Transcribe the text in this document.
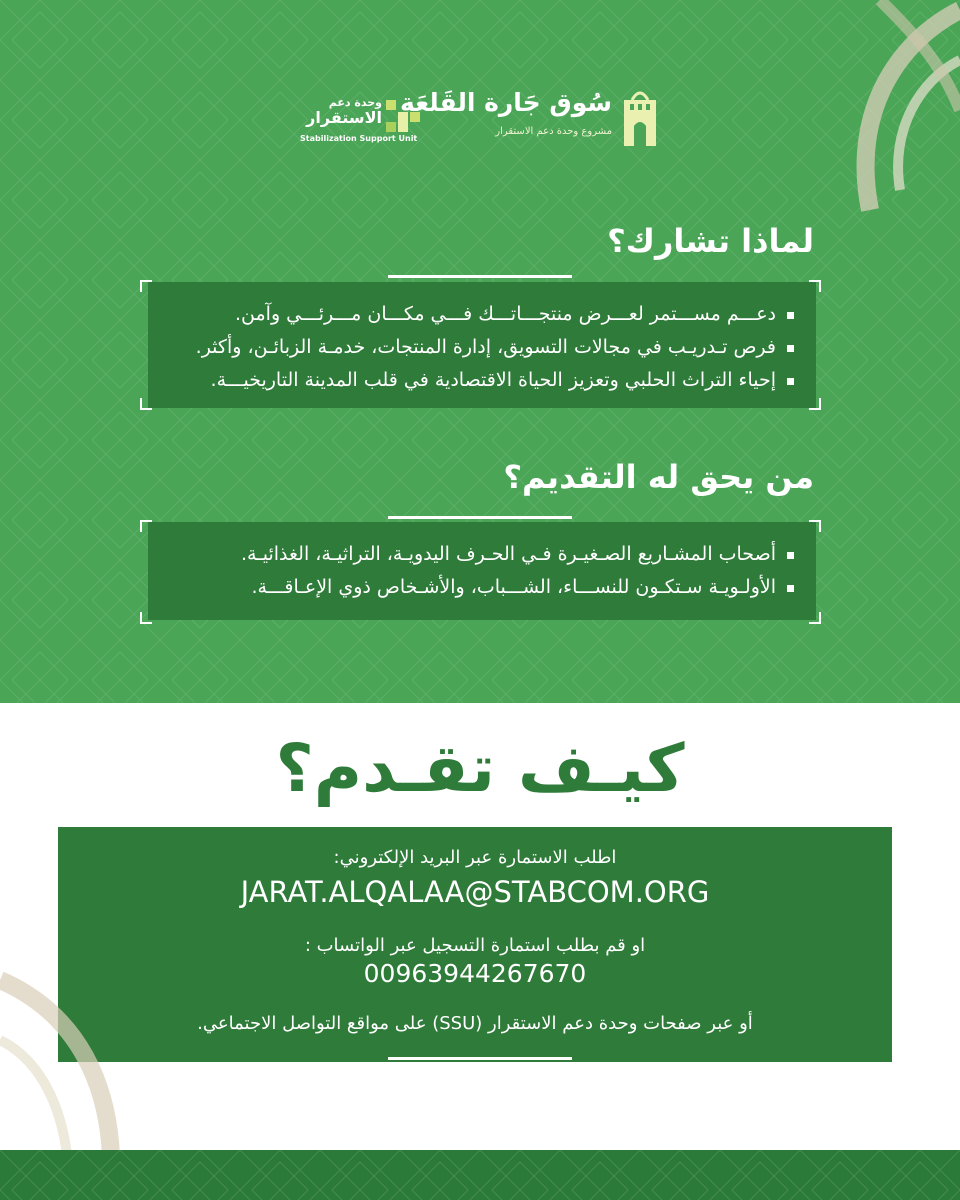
وحدة دعم
الاستقرار
Stabilization Support Unit
سُوق جَارة القَلعَة
مشروع وحدة دعم الاستقرار
لماذا تشارك؟
دعـــم مســـتمر لعـــرض منتجـــاتـــك فـــي مكـــان مـــرئـــي وآمن.
فرص تـدريـب في مجالات التسويق، إدارة المنتجات، خدمـة الزبائـن، وأكثر.
إحياء التراث الحلبي وتعزيز الحياة الاقتصادية في قلب المدينة التاريخيـــة.
من يحق له التقديم؟
أصحاب المشـاريع الصـغيـرة فـي الحـرف اليدويـة، التراثيـة، الغذائيـة.
الأولـويـة سـتكـون للنســـاء، الشـــباب، والأشـخاص ذوي الإعـاقـــة.
كيـف تقـدم؟
اطلب الاستمارة عبر البريد الإلكتروني:
JARAT.ALQALAA@STABCOM.ORG
او قم بطلب استمارة التسجيل عبر الواتساب :
00963944267670
أو عبر صفحات وحدة دعم الاستقرار (SSU) على مواقع التواصل الاجتماعي.
